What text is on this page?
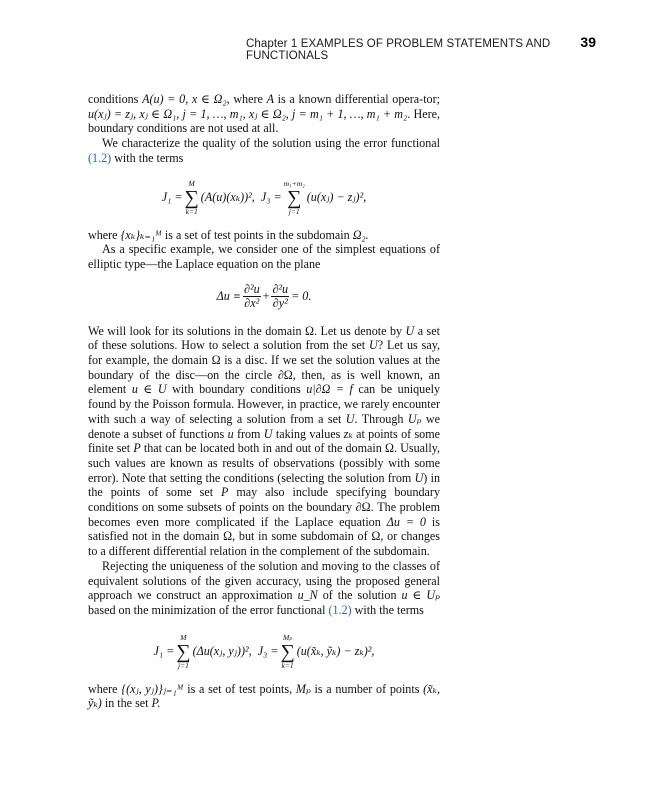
Chapter 1 EXAMPLES OF PROBLEM STATEMENTS AND FUNCTIONALS
39

conditions A(u) = 0, x ∈ Ω₂, where A is a known differential opera-tor; u(xⱼ) = zⱼ, xⱼ ∈ Ω₁, j = 1, …, m₁, xⱼ ∈ Ω₂, j = m₁ + 1, …, m₁ + m₂. Here, boundary conditions are not used at all.

We characterize the quality of the solution using the error functional (1.2) with the terms

J₁ =
M
∑
k=1
(A(u)(xₖ))²,
J₃ =
m₁+m₂
∑
j=1
(u(xⱼ) − zⱼ)²,

where {xₖ}ₖ₌₁ᴹ is a set of test points in the subdomain Ω₂.

As a specific example, we consider one of the simplest equations of elliptic type—the Laplace equation on the plane

$\Delta u \equiv \frac{\text{∂²u}}{\text{∂x²}} + \frac{\text{∂²u}}{\text{∂y²}} = 0$.

We will look for its solutions in the domain Ω. Let us denote by U a set of these solutions. How to select a solution from the set U? Let us say, for example, the domain Ω is a disc. If we set the solution values at the boundary of the disc—on the circle ∂Ω, then, as is well known, an element u ∈ U with boundary conditions u|∂Ω = f can be uniquely found by the Poisson formula. However, in practice, we rarely encounter with such a way of selecting a solution from a set U. Through Uₚ we denote a subset of functions u from U taking values zₖ at points of some finite set P that can be located both in and out of the domain Ω. Usually, such values are known as results of observations (possibly with some error). Note that setting the conditions (selecting the solution from U) in the points of some set P may also include specifying boundary conditions on some subsets of points on the boundary ∂Ω. The problem becomes even more complicated if the Laplace equation Δu = 0 is satisfied not in the domain Ω, but in some subdomain of Ω, or changes to a different differential relation in the complement of the subdomain.

Rejecting the uniqueness of the solution and moving to the classes of equivalent solutions of the given accuracy, using the proposed general approach we construct an approximation u_N of the solution u ∈ Uₚ based on the minimization of the error functional (1.2) with the terms

J₁ =
M
∑
j=1
(Δu(xⱼ, yⱼ))²,
J₃ =
Mₚ
∑
k=1
(u(x̃ₖ, ỹₖ) − zₖ)²,

where {(xⱼ, yⱼ)}ⱼ₌₁ᴹ is a set of test points, Mₚ is a number of points (x̃ₖ, ỹₖ) in the set P.
